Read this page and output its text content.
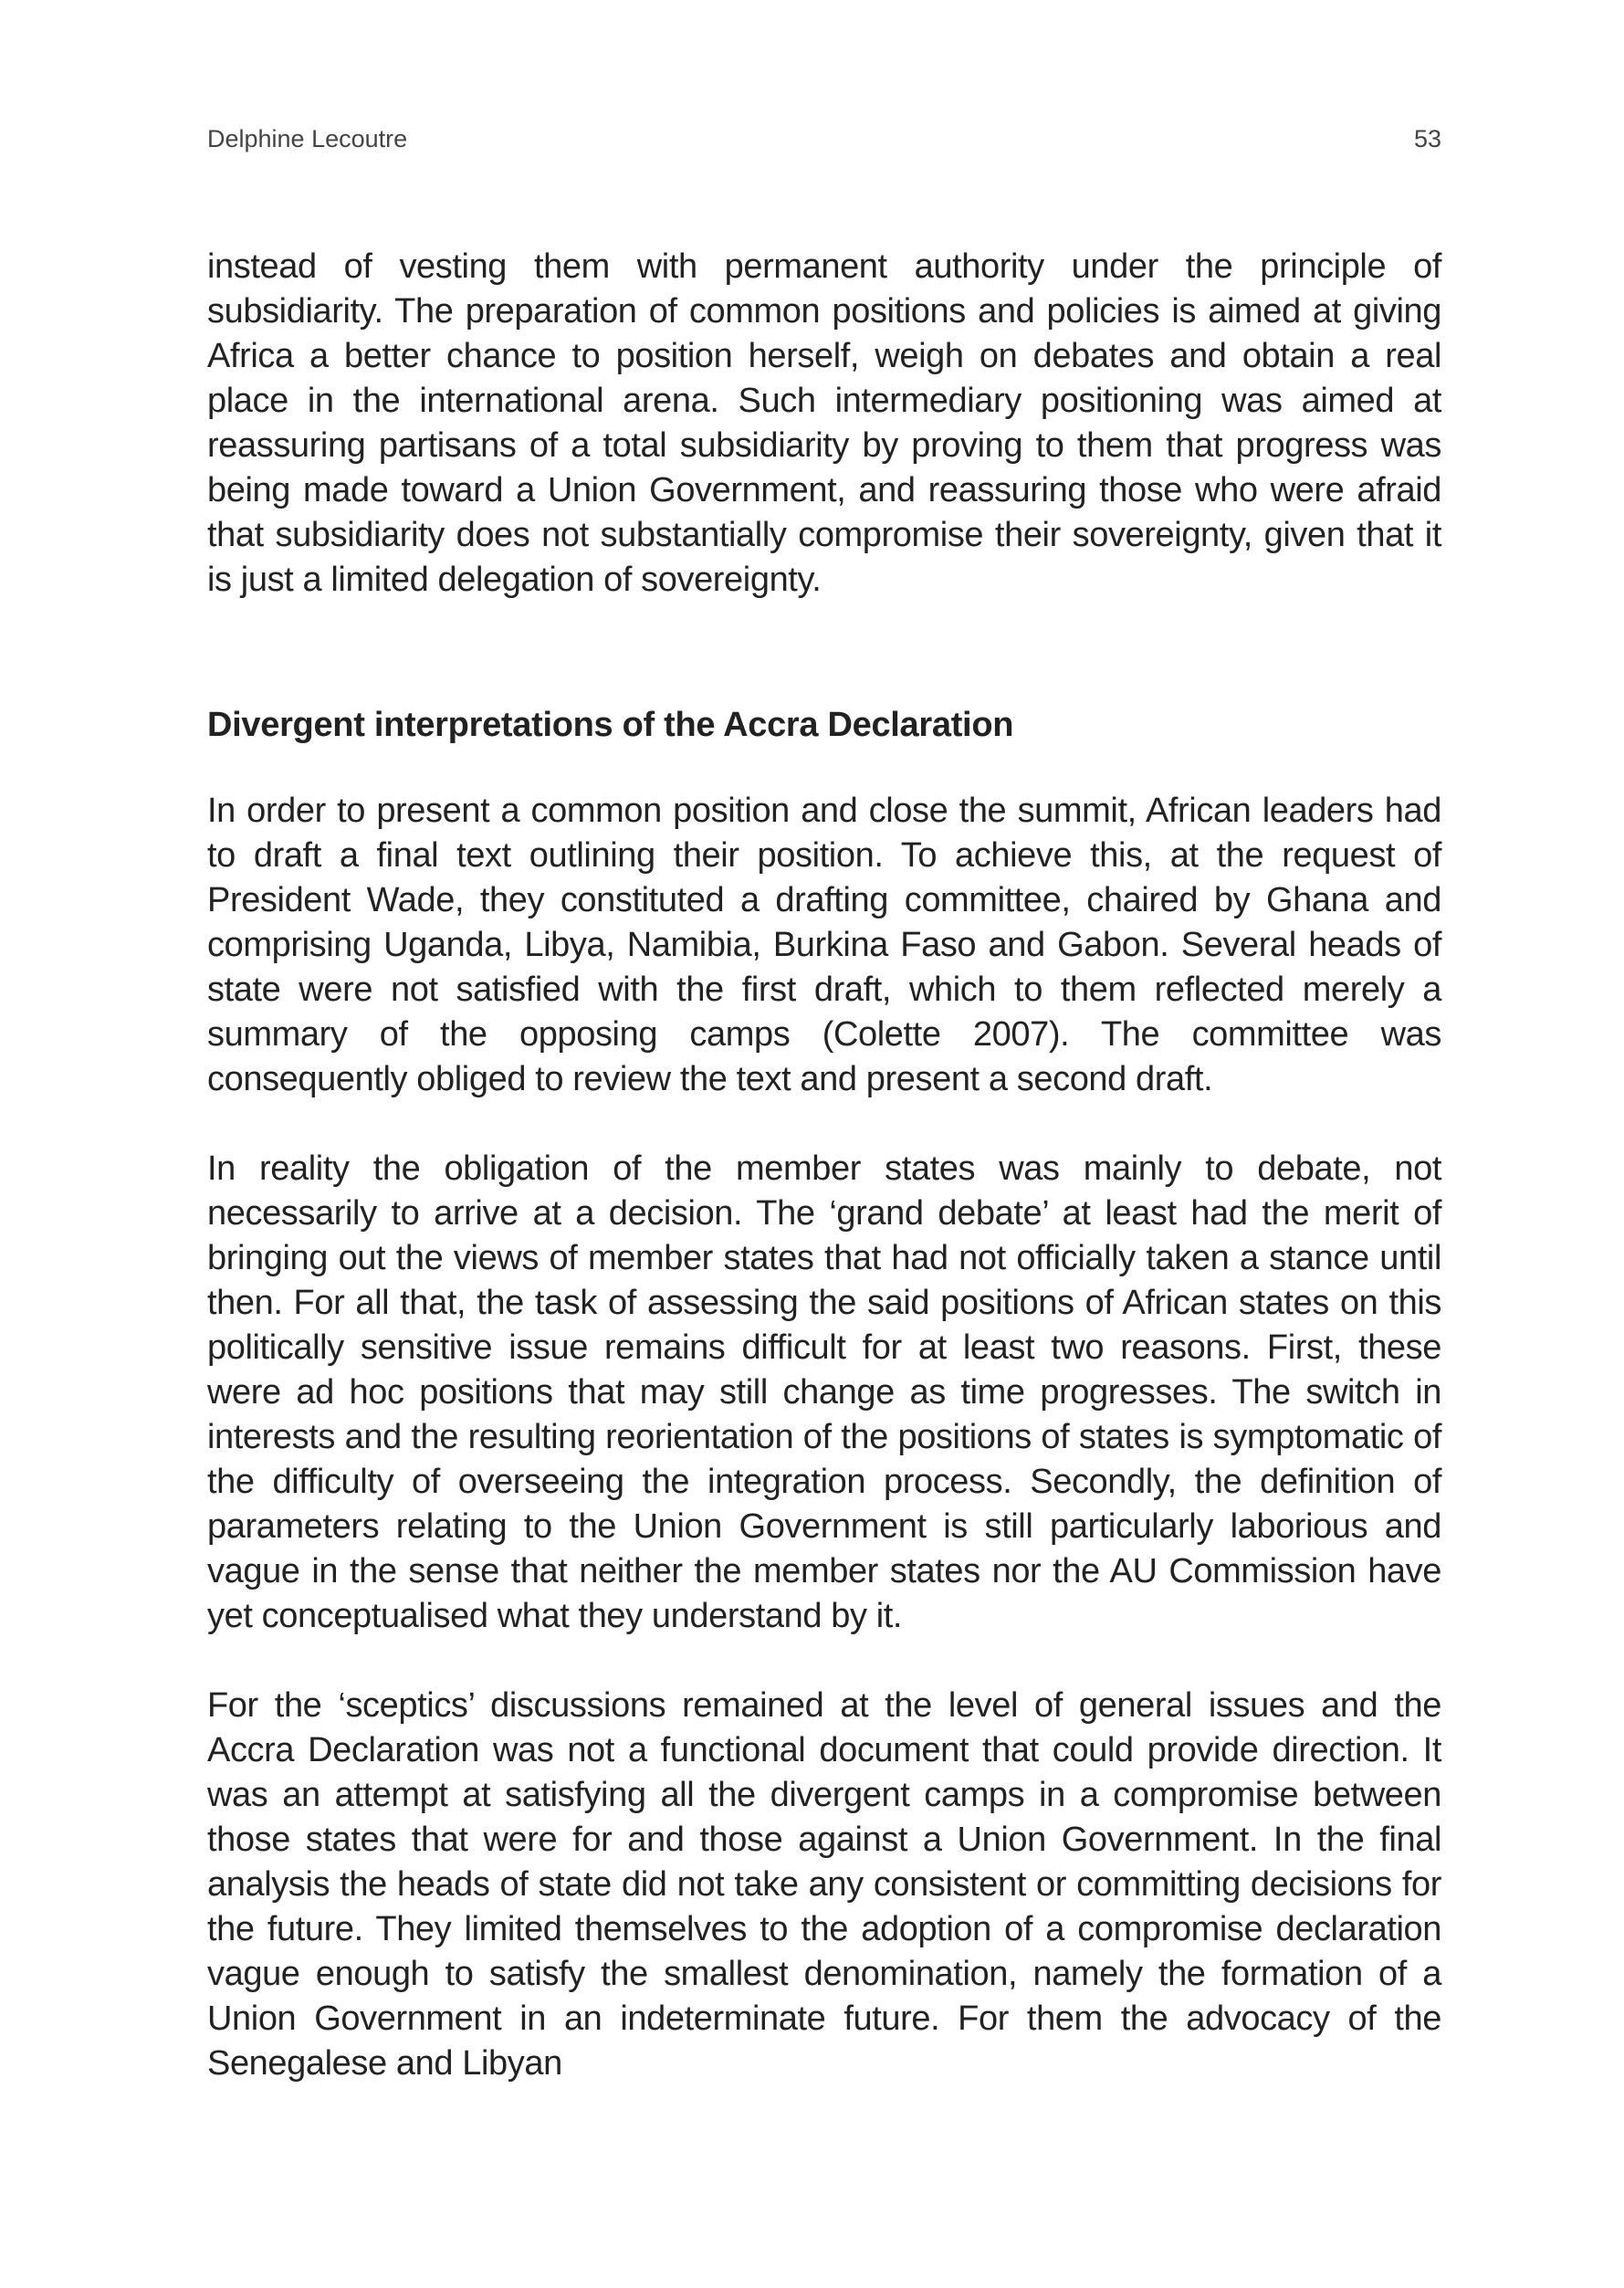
Delphine Lecoutre	53

instead of vesting them with permanent authority under the principle of subsidiarity. The preparation of common positions and policies is aimed at giving Africa a better chance to position herself, weigh on debates and obtain a real place in the international arena. Such intermediary positioning was aimed at reassuring partisans of a total subsidiarity by proving to them that progress was being made toward a Union Government, and reassuring those who were afraid that subsidiarity does not substantially compromise their sovereignty, given that it is just a limited delegation of sovereignty.

Divergent interpretations of the Accra Declaration

In order to present a common position and close the summit, African leaders had to draft a final text outlining their position. To achieve this, at the request of President Wade, they constituted a drafting committee, chaired by Ghana and comprising Uganda, Libya, Namibia, Burkina Faso and Gabon. Several heads of state were not satisfied with the first draft, which to them reflected merely a summary of the opposing camps (Colette 2007). The committee was consequently obliged to review the text and present a second draft.

In reality the obligation of the member states was mainly to debate, not necessarily to arrive at a decision. The ‘grand debate’ at least had the merit of bringing out the views of member states that had not officially taken a stance until then. For all that, the task of assessing the said positions of African states on this politically sensitive issue remains difficult for at least two reasons. First, these were ad hoc positions that may still change as time progresses. The switch in interests and the resulting reorientation of the positions of states is symptomatic of the difficulty of overseeing the integration process. Secondly, the definition of parameters relating to the Union Government is still particularly laborious and vague in the sense that neither the member states nor the AU Commission have yet conceptualised what they understand by it.

For the ‘sceptics’ discussions remained at the level of general issues and the Accra Declaration was not a functional document that could provide direction. It was an attempt at satisfying all the divergent camps in a compromise between those states that were for and those against a Union Government. In the final analysis the heads of state did not take any consistent or committing decisions for the future. They limited themselves to the adoption of a compromise declaration vague enough to satisfy the smallest denomination, namely the formation of a Union Government in an indeterminate future. For them the advocacy of the Senegalese and Libyan
